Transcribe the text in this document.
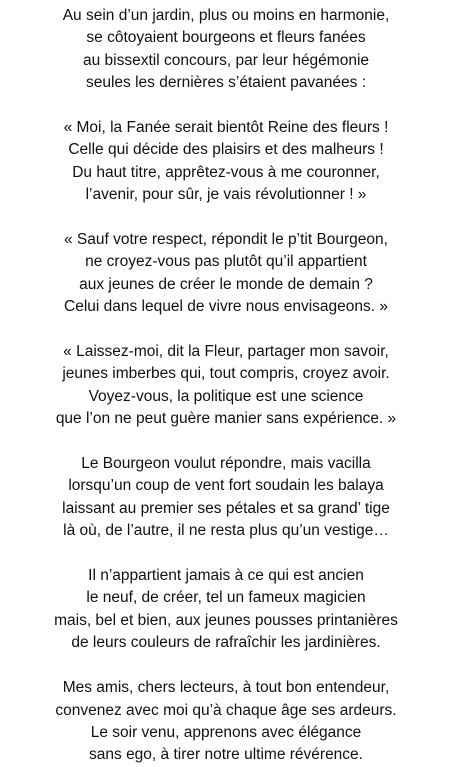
Au sein d’un jardin, plus ou moins en harmonie,
se côtoyaient bourgeons et fleurs fanées
au bissextil concours, par leur hégémonie
seules les dernières s’étaient pavanées :
« Moi, la Fanée serait bientôt Reine des fleurs !
Celle qui décide des plaisirs et des malheurs !
Du haut titre, apprêtez-vous à me couronner,
l’avenir, pour sûr, je vais révolutionner ! »
« Sauf votre respect, répondit le p’tit Bourgeon,
ne croyez-vous pas plutôt qu’il appartient
aux jeunes de créer le monde de demain ?
Celui dans lequel de vivre nous envisageons. »
« Laissez-moi, dit la Fleur, partager mon savoir,
jeunes imberbes qui, tout compris, croyez avoir.
Voyez-vous, la politique est une science
que l’on ne peut guère manier sans expérience. »
Le Bourgeon voulut répondre, mais vacilla
lorsqu’un coup de vent fort soudain les balaya
laissant au premier ses pétales et sa grand’ tige
là où, de l’autre, il ne resta plus qu’un vestige…
Il n’appartient jamais à ce qui est ancien
le neuf, de créer, tel un fameux magicien
mais, bel et bien, aux jeunes pousses printanières
de leurs couleurs de rafraîchir les jardinières.
Mes amis, chers lecteurs, à tout bon entendeur,
convenez avec moi qu’à chaque âge ses ardeurs.
Le soir venu, apprenons avec élégance
sans ego, à tirer notre ultime révérence.
